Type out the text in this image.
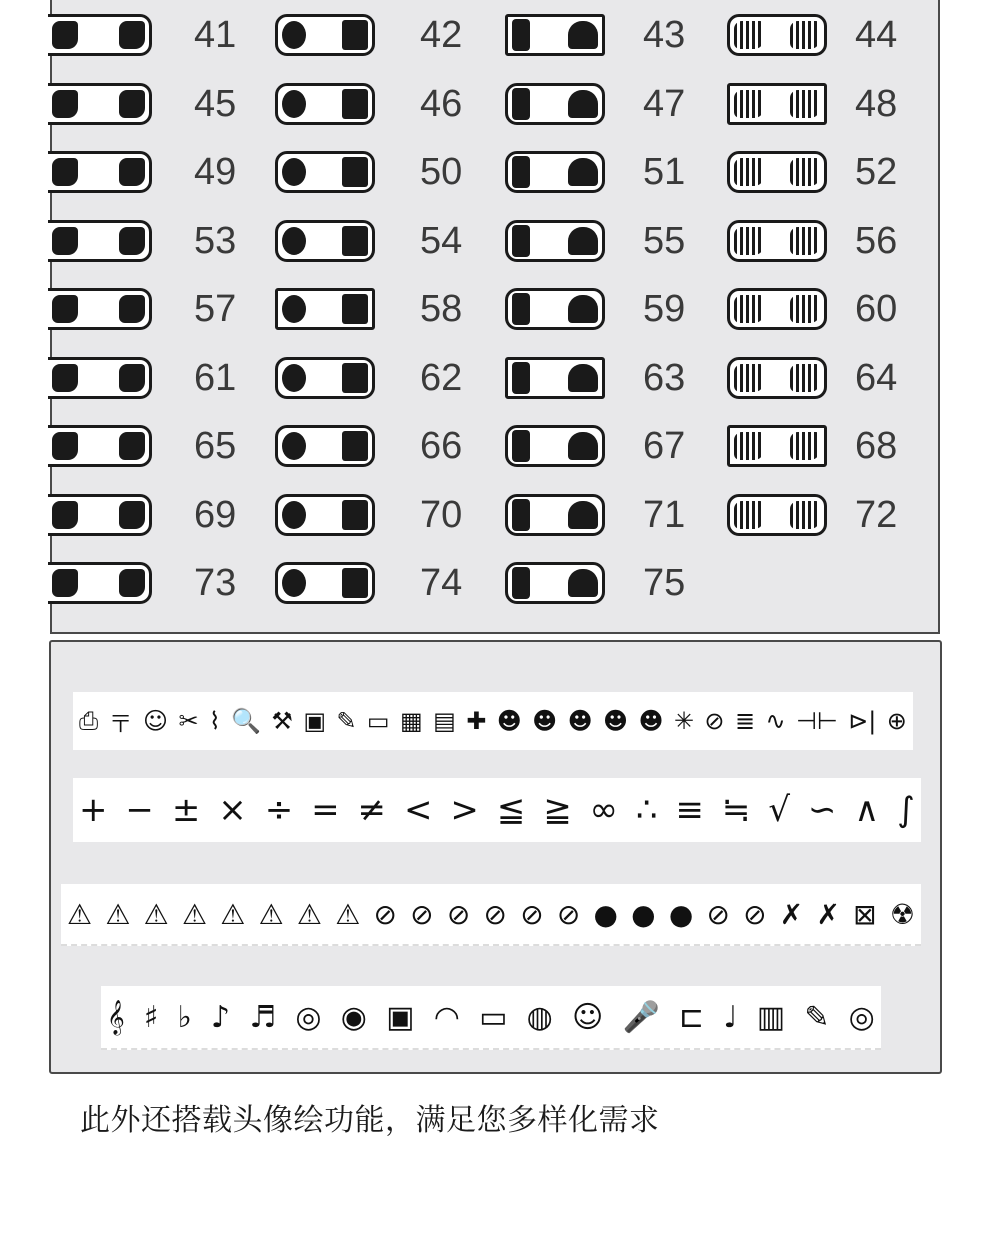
41	42	43	44
45	46	47	48
49	50	51	52
53	54	55	56
57	58	59	60
61	62	63	64
65	66	67	68
69	70	71	72
73	74	75
⎙ 〒 ☺ ✂ ⌇ 🔍 ⚒ ▣ ✎ ▭ ▦ ▤ ✚ ☻ ☻ ☻ ☻ ☻ ✳ ⊘ ≣ ∿ ⊣⊢ ⊳| ⊕
+ − ± × ÷ = ≠ < > ≦ ≧ ∞ ∴ ≡ ≒ √ ∽ ∧ ∫
⚠ ⚠ ⚠ ⚠ ⚠ ⚠ ⚠ ⚠ ⊘ ⊘ ⊘ ⊘ ⊘ ⊘ ● ● ● ⊘ ⊘ ✗ ✗ ⊠ ☢
𝄞 ♯ ♭ ♪ ♬ ◎ ◉ ▣ ◠ ▭ ◍ ☺ 🎤 ⊏ ♩ ▥ ✎ ◎
此外还搭载头像绘功能，满足您多样化需求
